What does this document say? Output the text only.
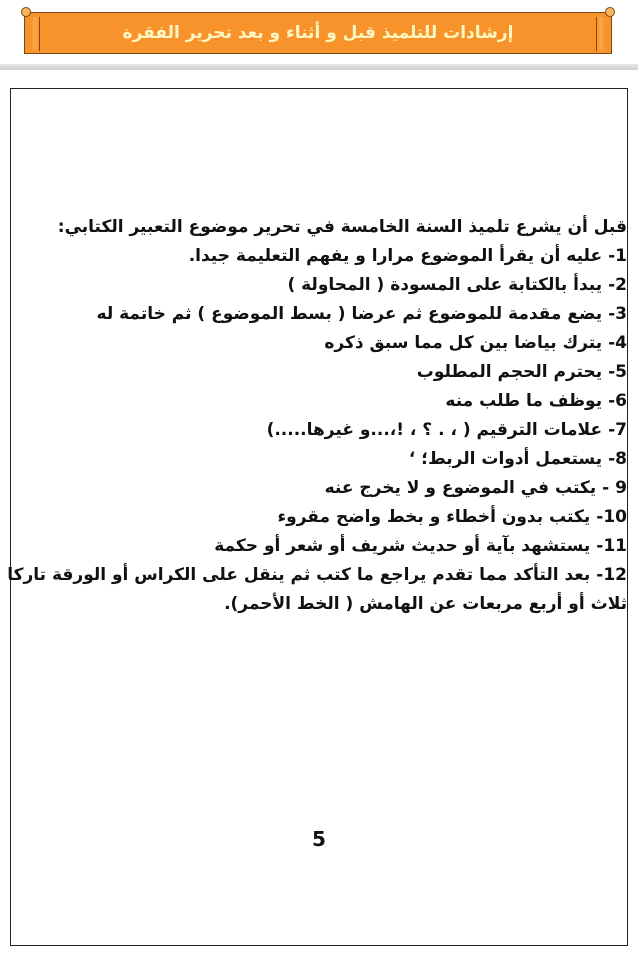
إرشادات للتلميذ قبل و أثناء و بعد تحرير الفقرة
قبل أن يشرع تلميذ السنة الخامسة في تحرير موضوع التعبير الكتابي:
1-عليه أن يقرأ الموضوع مرارا و يفهم التعليمة جيدا.
2-يبدأ بالكتابة على المسودة ( المحاولة )
3-يضع مقدمة للموضوع ثم عرضا ( بسط الموضوع ) ثم خاتمة له
4-يترك بياضا بين كل مما سبق ذكره
5-يحترم الحجم المطلوب
6-يوظف ما طلب منه
7-علامات الترقيم ( ، . ؟ ، !،...و غيرها.....)
8-يستعمل أدوات الربط؛ ‘
9 -يكتب في الموضوع و لا يخرج عنه
10-يكتب بدون أخطاء و بخط واضح مقروء
11-يستشهد بآية أو حديث شريف أو شعر أو حكمة
12-بعد التأكد مما تقدم يراجع ما كتب ثم ينقل على الكراس أو الورقة تاركا
ثلاث أو أربع مربعات عن الهامش ( الخط الأحمر).
5
